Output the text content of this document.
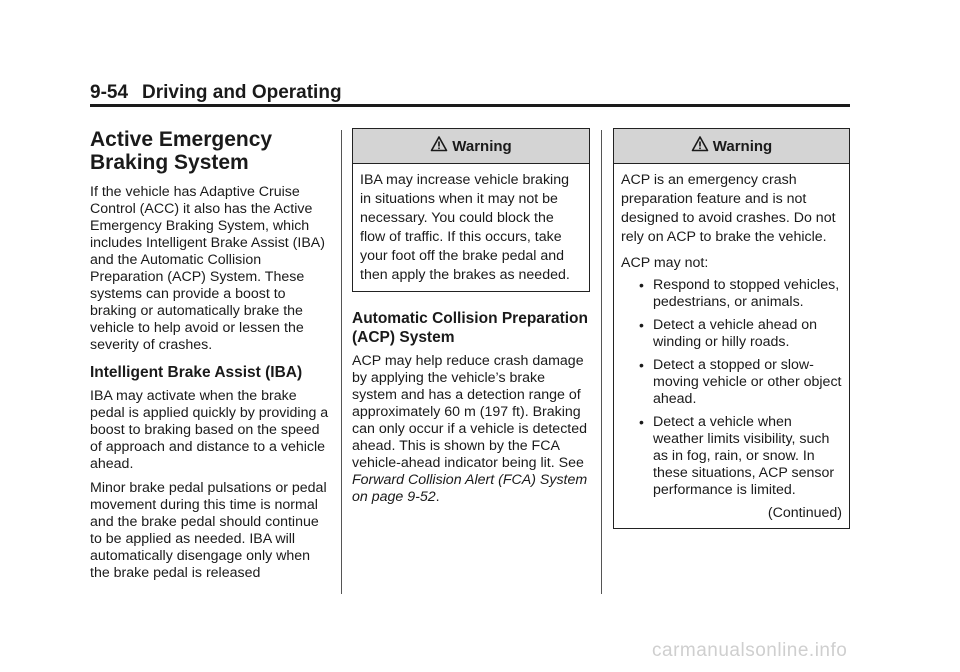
9-54 Driving and Operating
Active Emergency Braking System

If the vehicle has Adaptive Cruise Control (ACC) it also has the Active Emergency Braking System, which includes Intelligent Brake Assist (IBA) and the Automatic Collision Preparation (ACP) System. These systems can provide a boost to braking or automatically brake the vehicle to help avoid or lessen the severity of crashes.

Intelligent Brake Assist (IBA)

IBA may activate when the brake pedal is applied quickly by providing a boost to braking based on the speed of approach and distance to a vehicle ahead.

Minor brake pedal pulsations or pedal movement during this time is normal and the brake pedal should continue to be applied as needed. IBA will automatically disengage only when the brake pedal is released

Warning
IBA may increase vehicle braking in situations when it may not be necessary. You could block the flow of traffic. If this occurs, take your foot off the brake pedal and then apply the brakes as needed.
Automatic Collision Preparation (ACP) System

ACP may help reduce crash damage by applying the vehicle’s brake system and has a detection range of approximately 60 m (197 ft). Braking can only occur if a vehicle is detected ahead. This is shown by the FCA vehicle-ahead indicator being lit. See Forward Collision Alert (FCA) System on page 9-52.

Warning

ACP is an emergency crash preparation feature and is not designed to avoid crashes. Do not rely on ACP to brake the vehicle.

ACP may not:

• Respond to stopped vehicles, pedestrians, or animals.
• Detect a vehicle ahead on winding or hilly roads.
• Detect a stopped or slow-moving vehicle or other object ahead.
• Detect a vehicle when weather limits visibility, such as in fog, rain, or snow. In these situations, ACP sensor performance is limited.
(Continued)
carmanualsonline.info
